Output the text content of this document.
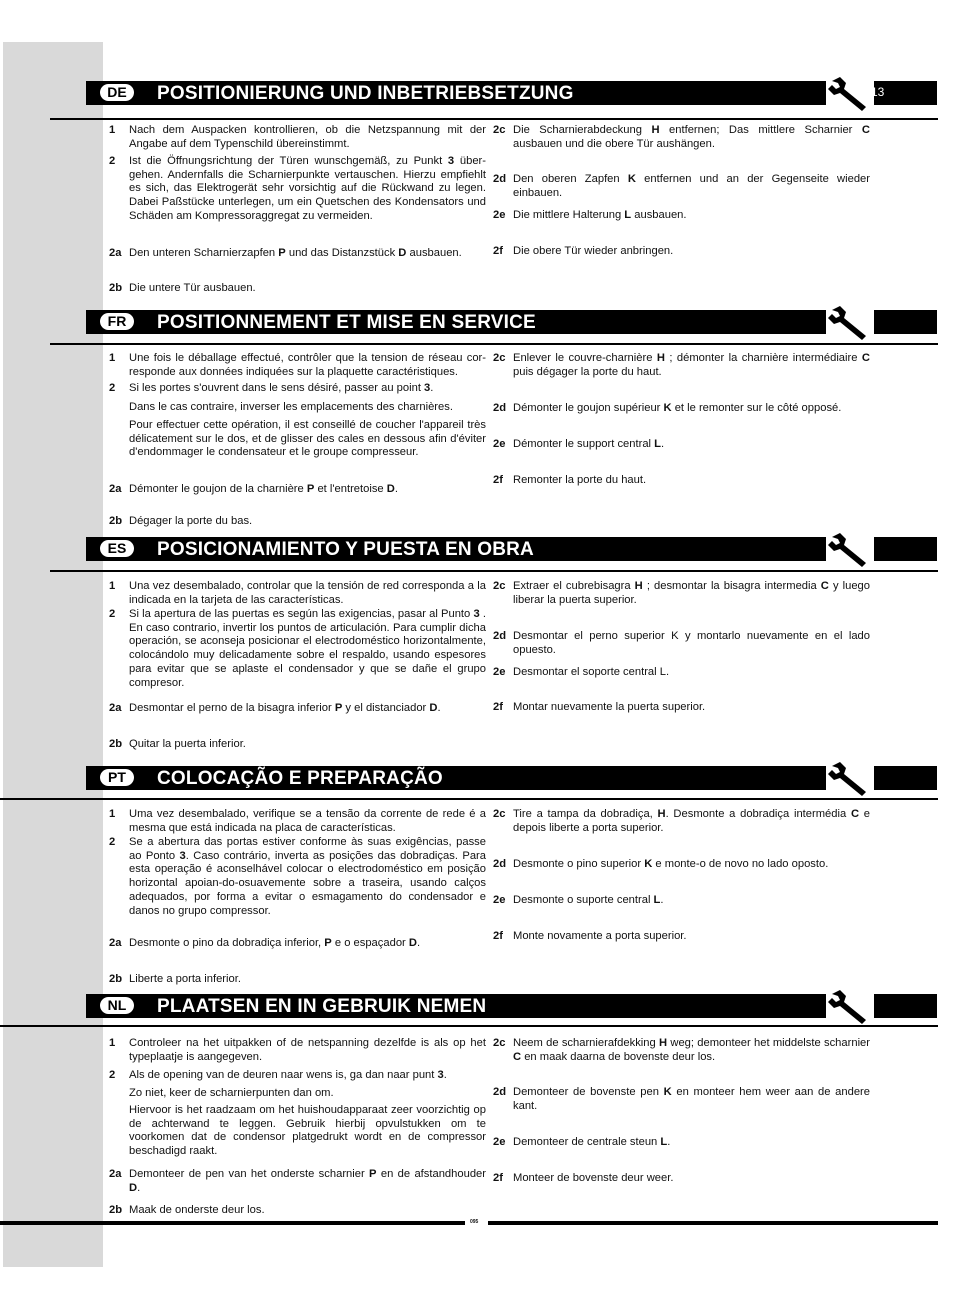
DE	POSITIONIERUNG UND INBETRIEBSETZUNG	13
1 Nach dem Auspacken kontrollieren, ob die Netzspannung mit der Angabe auf dem Typenschild übereinstimmt.
2 Ist die Öffnungsrichtung der Türen wunschgemäß, zu Punkt 3 über-gehen. Andernfalls die Scharnierpunkte vertauschen. Hierzu empfiehlt es sich, das Elektrogerät sehr vorsichtig auf die Rückwand zu legen. Dabei Paßstücke unterlegen, um ein Quetschen des Kondensators und Schäden am Kompressoraggregat zu vermeiden.
2a Den unteren Scharnierzapfen P und das Distanzstück D ausbauen.
2b Die untere Tür ausbauen.
2c Die Scharnierabdeckung H entfernen; Das mittlere Scharnier C ausbauen und die obere Tür aushängen.
2d Den oberen Zapfen K entfernen und an der Gegenseite wieder einbauen.
2e Die mittlere Halterung L ausbauen.
2f Die obere Tür wieder anbringen.
FR	POSITIONNEMENT ET MISE EN SERVICE
1 Une fois le déballage effectué, contrôler que la tension de réseau cor-responde aux données indiquées sur la plaquette caractéristiques.
2 Si les portes s'ouvrent dans le sens désiré, passer au point 3.
Dans le cas contraire, inverser les emplacements des charnières.
Pour effectuer cette opération, il est conseillé de coucher l'appareil très délicatement sur le dos, et de glisser des cales en dessous afin d'éviter d'endommager le condensateur et le groupe compresseur.
2a Démonter le goujon de la charnière P et l'entretoise D.
2b Dégager la porte du bas.
2c Enlever le couvre-charnière H ; démonter la charnière intermédiaire C puis dégager la porte du haut.
2d Démonter le goujon supérieur K et le remonter sur le côté opposé.
2e Démonter le support central L.
2f Remonter la porte du haut.
ES	POSICIONAMIENTO Y PUESTA EN OBRA
1 Una vez desembalado, controlar que la tensión de red corresponda a la indicada en la tarjeta de las características.
2 Si la apertura de las puertas es según las exigencias, pasar al Punto 3 . En caso contrario, invertir los puntos de articulación. Para cumplir dicha operación, se aconseja posicionar el electrodoméstico horizontalmente, colocándolo muy delicadamente sobre el respaldo, usando espesores para evitar que se aplaste el condensador y que se dañe el grupo compresor.
2a Desmontar el perno de la bisagra inferior P y el distanciador D.
2b Quitar la puerta inferior.
2c Extraer el cubrebisagra H ; desmontar la bisagra intermedia C y luego liberar la puerta superior.
2d Desmontar el perno superior K y montarlo nuevamente en el lado opuesto.
2e Desmontar el soporte central L.
2f Montar nuevamente la puerta superior.
PT	COLOCAÇÃO E PREPARAÇÃO
1 Uma vez desembalado, verifique se a tensão da corrente de rede é a mesma que está indicada na placa de características.
2 Se a abertura das portas estiver conforme às suas exigências, passe ao Ponto 3. Caso contrário, inverta as posições das dobradiças. Para esta operação é aconselhável colocar o electrodoméstico em posição horizontal apoian-do-osuavemente sobre a traseira, usando calços adequados, por forma a evitar o esmagamento do condensador e danos no grupo compressor.
2a Desmonte o pino da dobradiça inferior, P e o espaçador D.
2b Liberte a porta inferior.
2c Tire a tampa da dobradiça, H. Desmonte a dobradiça intermédia C e depois liberte a porta superior.
2d Desmonte o pino superior K e monte-o de novo no lado oposto.
2e Desmonte o suporte central L.
2f Monte novamente a porta superior.
NL	PLAATSEN EN IN GEBRUIK NEMEN
1 Controleer na het uitpakken of de netspanning dezelfde is als op het typeplaatje is aangegeven.
2 Als de opening van de deuren naar wens is, ga dan naar punt 3.
Zo niet, keer de scharnierpunten dan om.
Hiervoor is het raadzaam om het huishoudapparaat zeer voorzichtig op de achterwand te leggen. Gebruik hierbij opvulstukken om te voorkomen dat de condensor platgedrukt wordt en de compressor beschadigd raakt.
2a Demonteer de pen van het onderste scharnier P en de afstandhouder D.
2b Maak de onderste deur los.
2c Neem de scharnierafdekking H weg; demonteer het middelste scharnier C en maak daarna de bovenste deur los.
2d Demonteer de bovenste pen K en monteer hem weer aan de andere kant.
2e Demonteer de centrale steun L.
2f Monteer de bovenste deur weer.
095
